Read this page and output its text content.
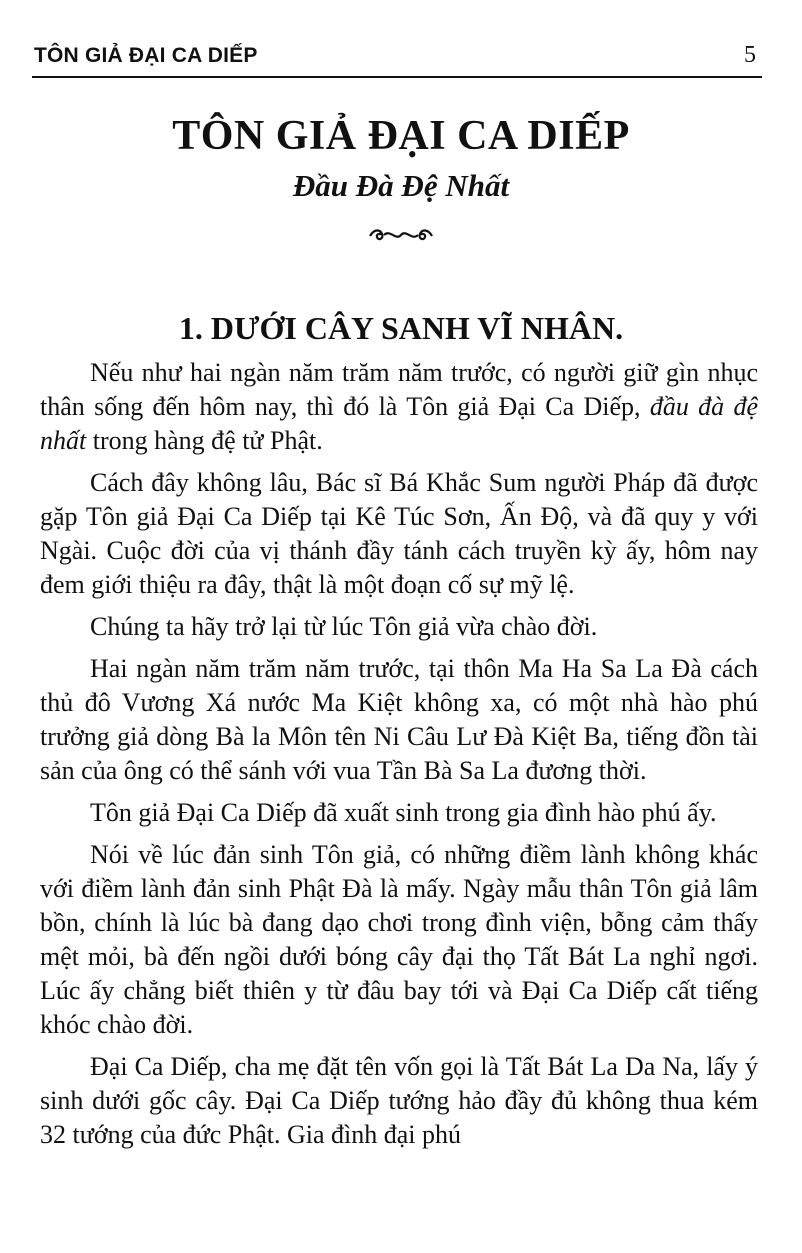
TÔN GIẢ ĐẠI CA DIẾP	5
TÔN GIẢ ĐẠI CA DIẾP
Đầu Đà Đệ Nhất
1. DƯỚI CÂY SANH VĨ NHÂN.

Nếu như hai ngàn năm trăm năm trước, có người giữ gìn nhục thân sống đến hôm nay, thì đó là Tôn giả Đại Ca Diếp, đầu đà đệ nhất trong hàng đệ tử Phật.

Cách đây không lâu, Bác sĩ Bá Khắc Sum người Pháp đã được gặp Tôn giả Đại Ca Diếp tại Kê Túc Sơn, Ấn Độ, và đã quy y với Ngài. Cuộc đời của vị thánh đầy tánh cách truyền kỳ ấy, hôm nay đem giới thiệu ra đây, thật là một đoạn cố sự mỹ lệ.

Chúng ta hãy trở lại từ lúc Tôn giả vừa chào đời.

Hai ngàn năm trăm năm trước, tại thôn Ma Ha Sa La Đà cách thủ đô Vương Xá nước Ma Kiệt không xa, có một nhà hào phú trưởng giả dòng Bà la Môn tên Ni Câu Lư Đà Kiệt Ba, tiếng đồn tài sản của ông có thể sánh với vua Tần Bà Sa La đương thời.

Tôn giả Đại Ca Diếp đã xuất sinh trong gia đình hào phú ấy.

Nói về lúc đản sinh Tôn giả, có những điềm lành không khác với điềm lành đản sinh Phật Đà là mấy. Ngày mẫu thân Tôn giả lâm bồn, chính là lúc bà đang dạo chơi trong đình viện, bỗng cảm thấy mệt mỏi, bà đến ngồi dưới bóng cây đại thọ Tất Bát La nghỉ ngơi. Lúc ấy chẳng biết thiên y từ đâu bay tới và Đại Ca Diếp cất tiếng khóc chào đời.

Đại Ca Diếp, cha mẹ đặt tên vốn gọi là Tất Bát La Da Na, lấy ý sinh dưới gốc cây. Đại Ca Diếp tướng hảo đầy đủ không thua kém 32 tướng của đức Phật. Gia đình đại phú
